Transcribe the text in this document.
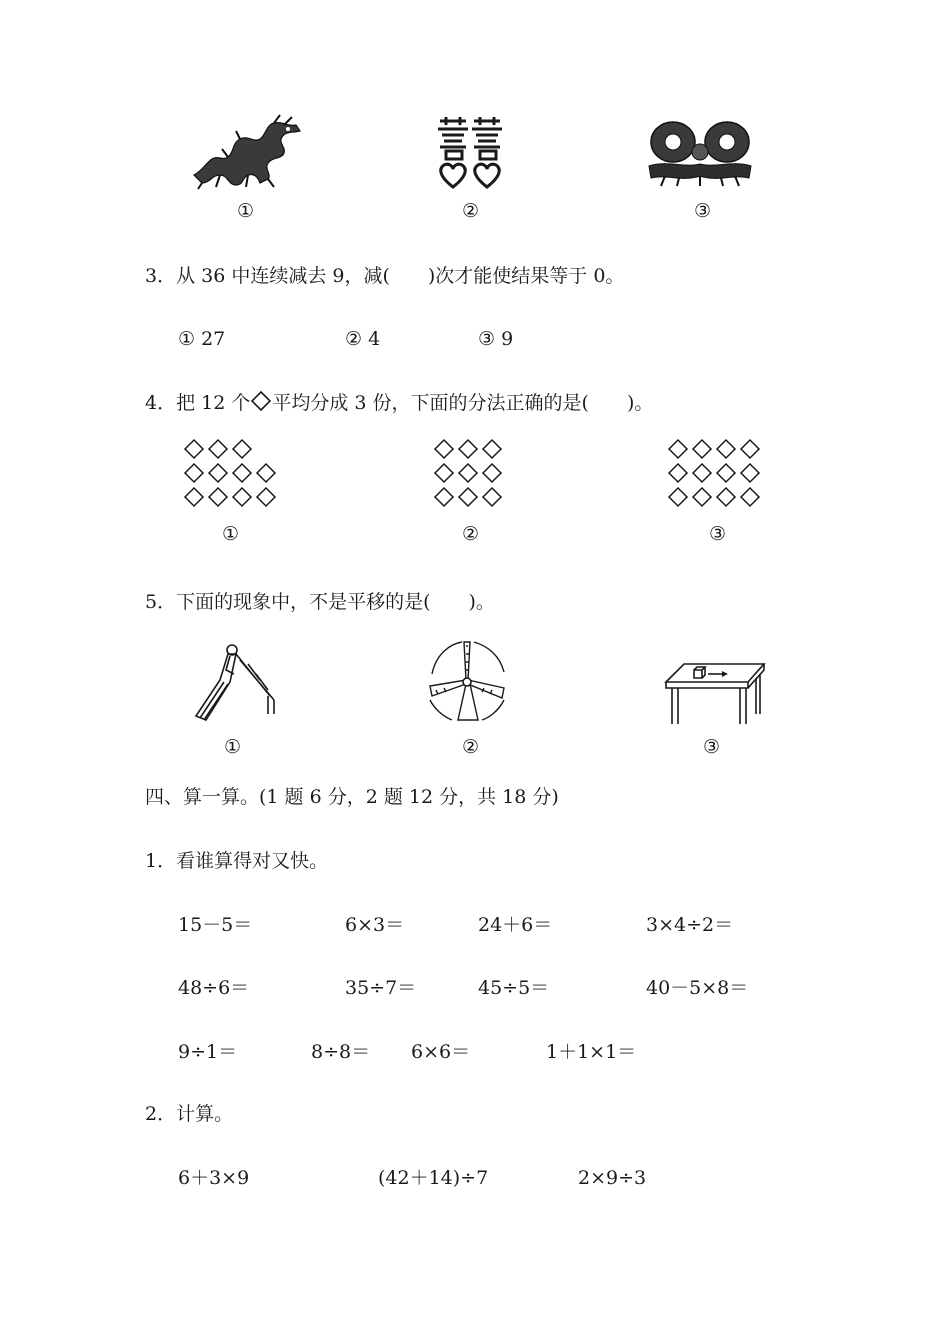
①	②	③
3．从 36 中连续减去 9，减(　　)次才能使结果等于 0。
① 27	② 4	③ 9
4．把 12 个 平均分成 3 份，下面的分法正确的是(　　)。
①	②	③
5．下面的现象中，不是平移的是(　　)。
①	②	③
四、算一算。(1 题 6 分，2 题 12 分，共 18 分)
1．看谁算得对又快。
15－5＝	6×3＝	24＋6＝	3×4÷2＝
48÷6＝	35÷7＝	45÷5＝	40－5×8＝
9÷1＝	8÷8＝ 6×6＝	1＋1×1＝
2．计算。
6＋3×9	(42＋14)÷7	2×9÷3
